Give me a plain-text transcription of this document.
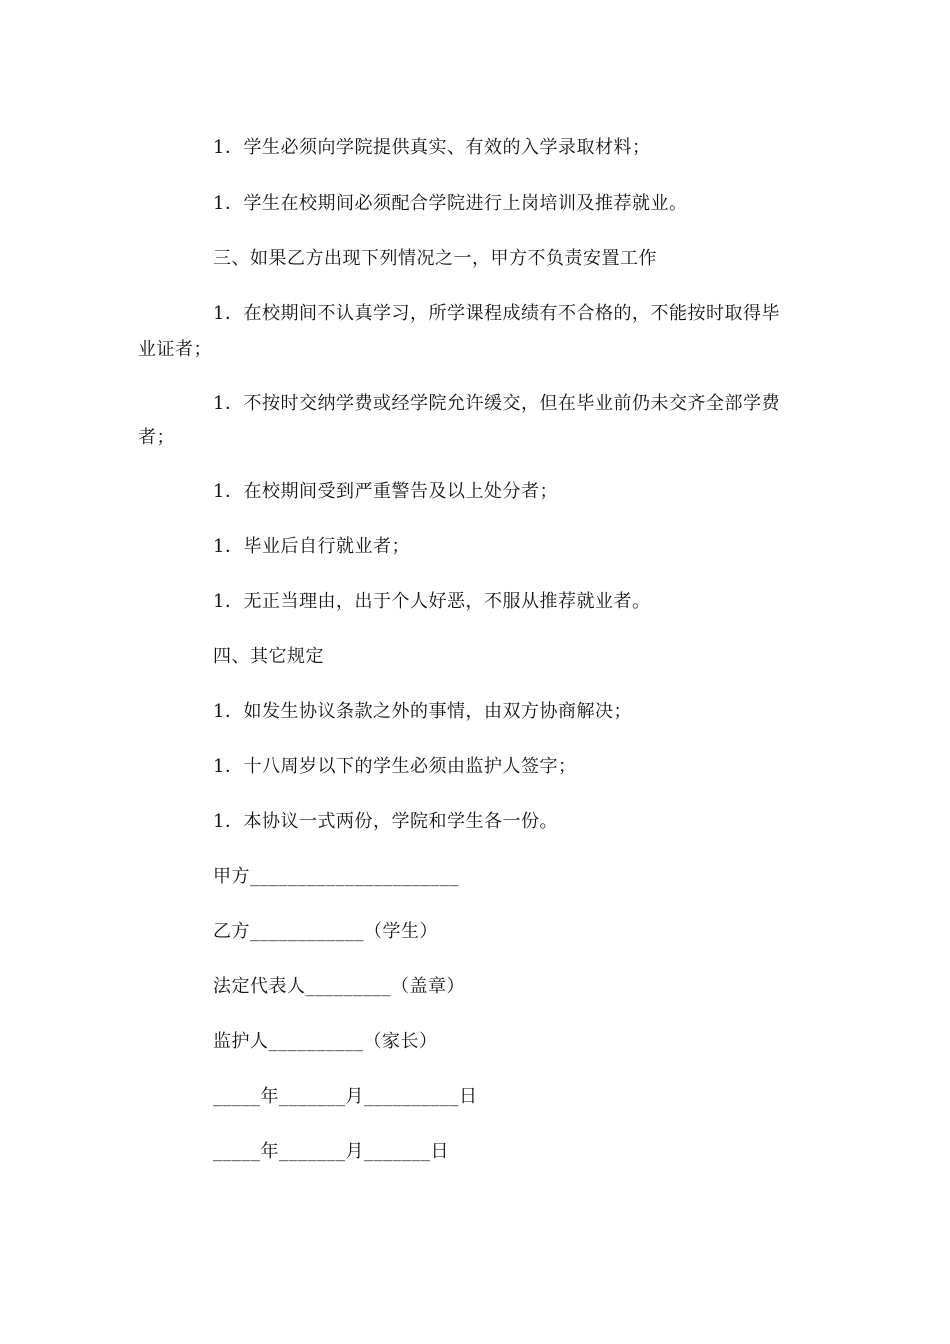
1．学生必须向学院提供真实、有效的入学录取材料；
1．学生在校期间必须配合学院进行上岗培训及推荐就业。
三、如果乙方出现下列情况之一，甲方不负责安置工作
1．在校期间不认真学习，所学课程成绩有不合格的，不能按时取得毕
业证者；
1．不按时交纳学费或经学院允许缓交，但在毕业前仍未交齐全部学费
者；
1．在校期间受到严重警告及以上处分者；
1．毕业后自行就业者；
1．无正当理由，出于个人好恶，不服从推荐就业者。
四、其它规定
1．如发生协议条款之外的事情，由双方协商解决；
1．十八周岁以下的学生必须由监护人签字；
1．本协议一式两份，学院和学生各一份。
甲方______________________
乙方____________（学生）
法定代表人_________（盖章）
监护人__________（家长）
_____年_______月__________日
_____年_______月_______日
